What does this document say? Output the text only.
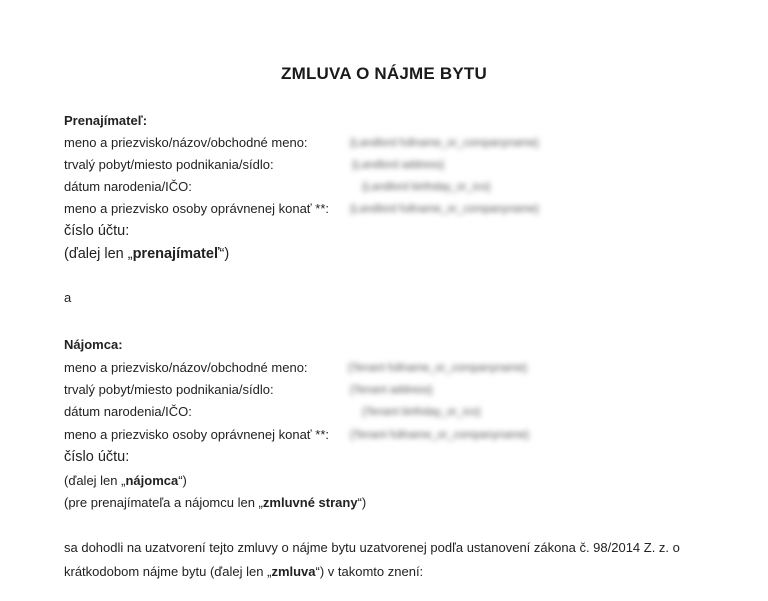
ZMLUVA O NÁJME BYTU
Prenajímateľ:
meno a priezvisko/názov/obchodné meno:	{Landlord fullname_or_companyname}
trvalý pobyt/miesto podnikania/sídlo:	{Landlord address}
dátum narodenia/IČO:	{Landlord birthday_or_ico}
meno a priezvisko osoby oprávnenej konať **: {Landlord fullname_or_companyname}
číslo účtu:
(ďalej len „prenajímateľ“)
a
Nájomca:
meno a priezvisko/názov/obchodné meno:	{Tenant fullname_or_companyname}
trvalý pobyt/miesto podnikania/sídlo:	{Tenant address}
dátum narodenia/IČO:	{Tenant birthday_or_ico}
meno a priezvisko osoby oprávnenej konať **: {Tenant fullname_or_companyname}
číslo účtu:
(ďalej len „nájomca“)
(pre prenajímateľa a nájomcu len „zmluvné strany“)
sa dohodli na uzatvorení tejto zmluvy o nájme bytu uzatvorenej podľa ustanovení zákona č. 98/2014 Z. z. o
krátkodobom nájme bytu (ďalej len „zmluva“) v takomto znení:
